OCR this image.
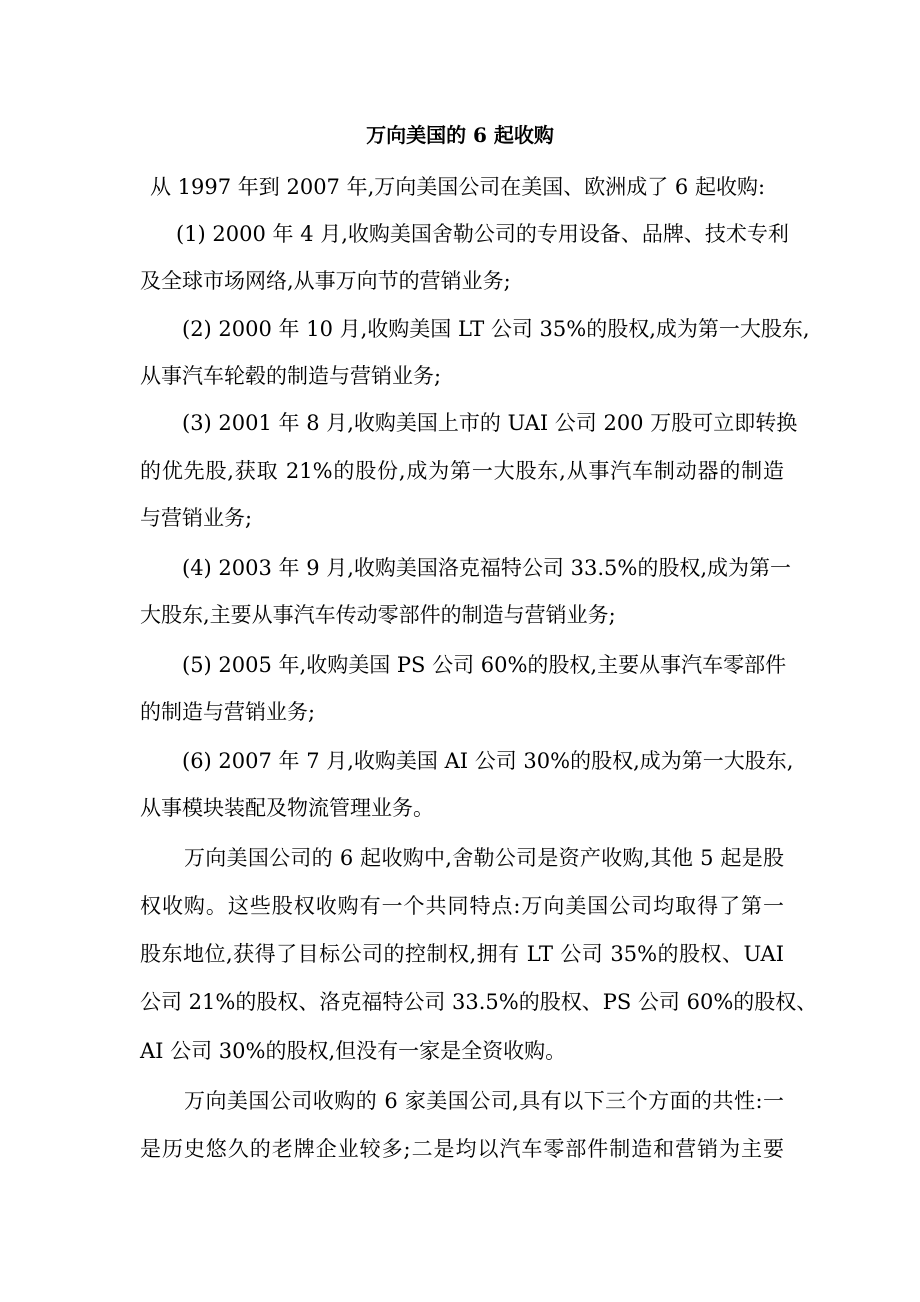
万向美国的 6 起收购

从 1997 年到 2007 年,万向美国公司在美国、欧洲成了 6 起收购:

(1) 2000 年 4 月,收购美国舍勒公司的专用设备、品牌、技术专利

及全球市场网络,从事万向节的营销业务;

(2) 2000 年 10 月,收购美国 LT 公司 35%的股权,成为第一大股东,

从事汽车轮毂的制造与营销业务;

(3) 2001 年 8 月,收购美国上市的 UAI 公司 200 万股可立即转换

的优先股,获取 21%的股份,成为第一大股东,从事汽车制动器的制造

与营销业务;

(4) 2003 年 9 月,收购美国洛克福特公司 33.5%的股权,成为第一

大股东,主要从事汽车传动零部件的制造与营销业务;

(5) 2005 年,收购美国 PS 公司 60%的股权,主要从事汽车零部件

的制造与营销业务;

(6) 2007 年 7 月,收购美国 AI 公司 30%的股权,成为第一大股东,

从事模块装配及物流管理业务。

万向美国公司的 6 起收购中,舍勒公司是资产收购,其他 5 起是股

权收购。这些股权收购有一个共同特点:万向美国公司均取得了第一

股东地位,获得了目标公司的控制权,拥有 LT 公司 35%的股权、UAI

公司 21%的股权、洛克福特公司 33.5%的股权、PS 公司 60%的股权、

AI 公司 30%的股权,但没有一家是全资收购。

万向美国公司收购的 6 家美国公司,具有以下三个方面的共性:一

是历史悠久的老牌企业较多;二是均以汽车零部件制造和营销为主要
